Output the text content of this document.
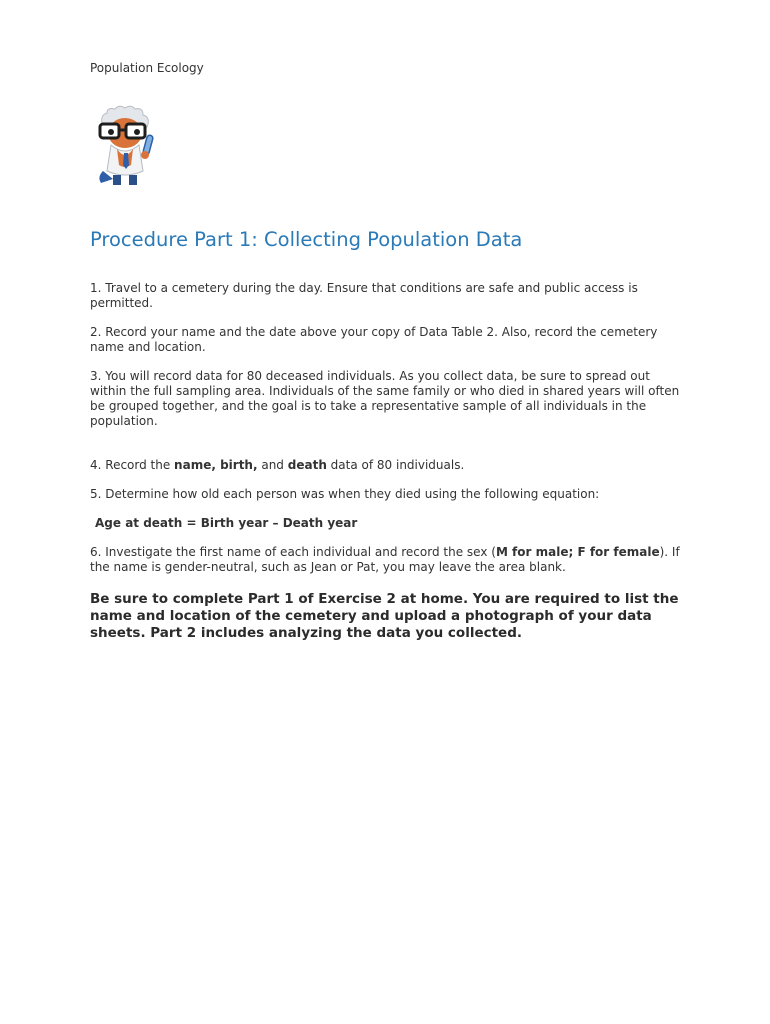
Population Ecology
Procedure Part 1: Collecting Population Data

1. Travel to a cemetery during the day. Ensure that conditions are safe and public access is permitted.

2. Record your name and the date above your copy of Data Table 2. Also, record the cemetery name and location.

3. You will record data for 80 deceased individuals. As you collect data, be sure to spread out within the full sampling area. Individuals of the same family or who died in shared years will often be grouped together, and the goal is to take a representative sample of all individuals in the population.

4. Record the name, birth, and death data of 80 individuals.

5. Determine how old each person was when they died using the following equation:

Age at death = Birth year – Death year

6. Investigate the first name of each individual and record the sex (M for male; F for female). If the name is gender-neutral, such as Jean or Pat, you may leave the area blank.

Be sure to complete Part 1 of Exercise 2 at home. You are required to list the name and location of the cemetery and upload a photograph of your data sheets. Part 2 includes analyzing the data you collected.
